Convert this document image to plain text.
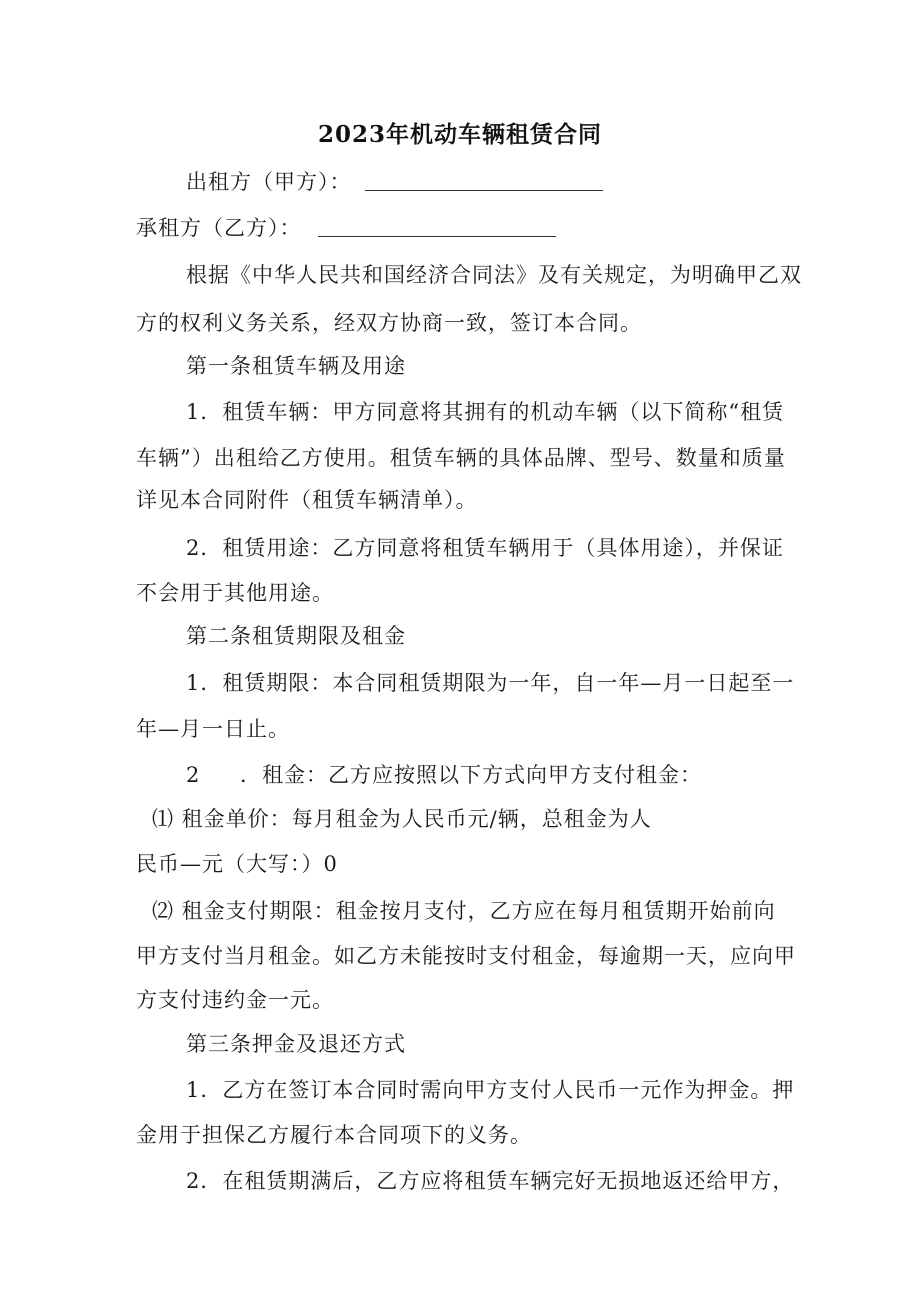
2023年机动车辆租赁合同
出租方（甲方）：
承租方（乙方）：
根据《中华人民共和国经济合同法》及有关规定，为明确甲乙双
方的权利义务关系，经双方协商一致，签订本合同。
第一条租赁车辆及用途
1．租赁车辆：甲方同意将其拥有的机动车辆（以下简称“租赁
车辆”）出租给乙方使用。租赁车辆的具体品牌、型号、数量和质量
详见本合同附件（租赁车辆清单）。
2．租赁用途：乙方同意将租赁车辆用于（具体用途），并保证
不会用于其他用途。
第二条租赁期限及租金
1．租赁期限：本合同租赁期限为一年，自一年—月一日起至一
年—月一日止。
2 ．租金：乙方应按照以下方式向甲方支付租金：
⑴ 租金单价：每月租金为人民币元/辆，总租金为人
民币—元（大写：）0
⑵ 租金支付期限：租金按月支付，乙方应在每月租赁期开始前向
甲方支付当月租金。如乙方未能按时支付租金，每逾期一天，应向甲
方支付违约金一元。
第三条押金及退还方式
1．乙方在签订本合同时需向甲方支付人民币一元作为押金。押
金用于担保乙方履行本合同项下的义务。
2．在租赁期满后，乙方应将租赁车辆完好无损地返还给甲方，
